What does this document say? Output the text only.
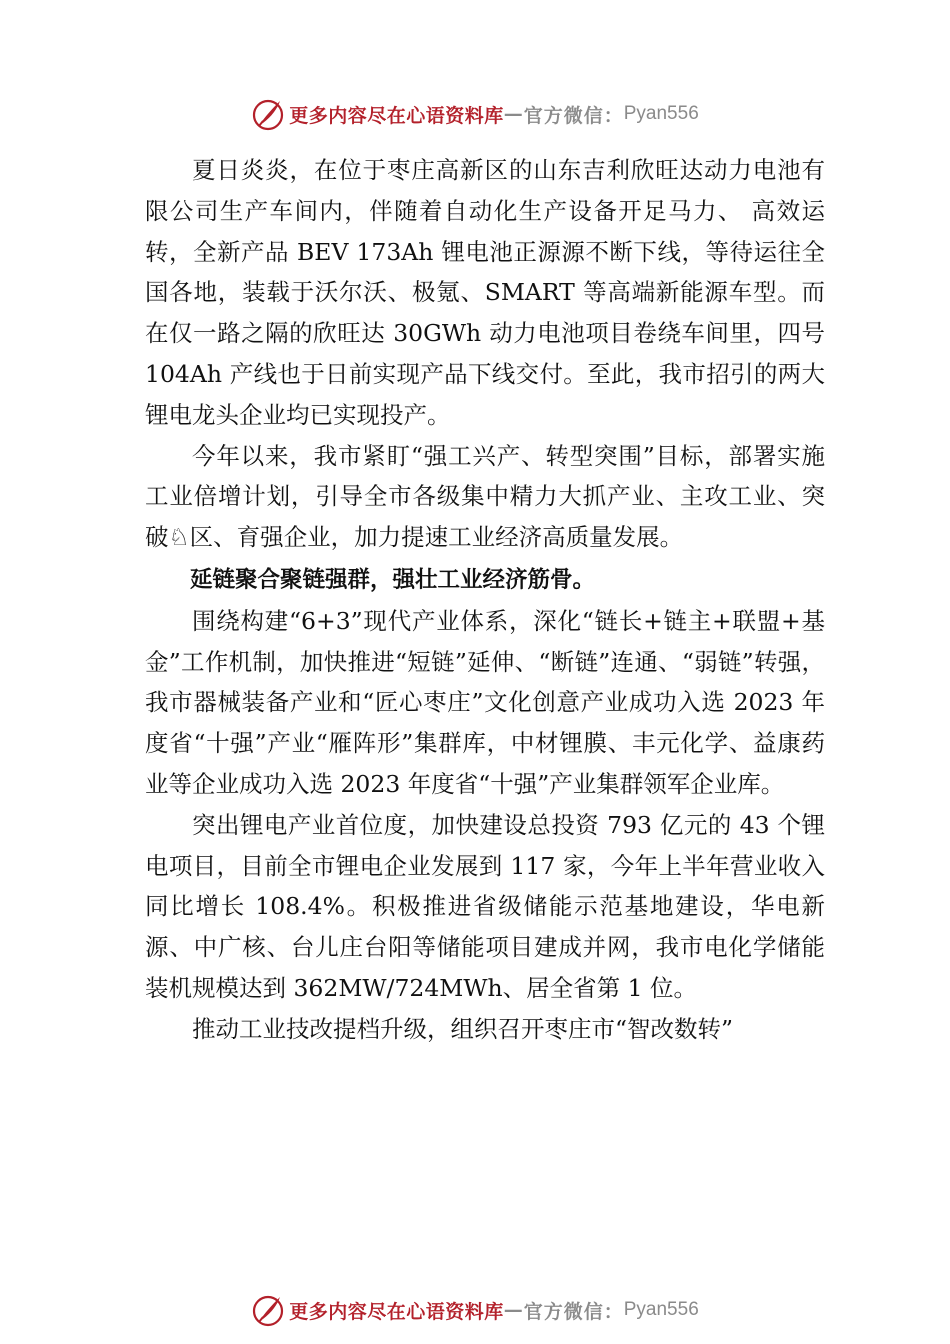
更多内容尽在心语资料库 — 官方微信： Pyan556

夏日炎炎，在位于枣庄高新区的山东吉利欣旺达动力电池有限公司生产车间内，伴随着自动化生产设备开足马力、 高效运转，全新产品 BEV 173Ah 锂电池正源源不断下线，等待运往全国各地，装载于沃尔沃、极氪、SMART 等高端新能源车型。而在仅一路之隔的欣旺达 30GWh 动力电池项目卷绕车间里，四号 104Ah 产线也于日前实现产品下线交付。至此，我市招引的两大锂电龙头企业均已实现投产。

今年以来，我市紧盯“强工兴产、转型突围”目标，部署实施工业倍增计划，引导全市各级集中精力大抓产业、主攻工业、突破♘区、育强企业，加力提速工业经济高质量发展。

延链聚合聚链强群，强壮工业经济筋骨。

围绕构建“6+3”现代产业体系，深化“链长+链主+联盟+基金”工作机制，加快推进“短链”延伸、“断链”连通、“弱链”转强，我市器械装备产业和“匠心枣庄”文化创意产业成功入选 2023 年度省“十强”产业“雁阵形”集群库，中材锂膜、丰元化学、益康药业等企业成功入选 2023 年度省“十强”产业集群领军企业库。

突出锂电产业首位度，加快建设总投资 793 亿元的 43 个锂电项目，目前全市锂电企业发展到 117 家，今年上半年营业收入同比增长 108.4%。积极推进省级储能示范基地建设，华电新源、中广核、台儿庄台阳等储能项目建成并网，我市电化学储能装机规模达到 362MW/724MWh、居全省第 1 位。

推动工业技改提档升级，组织召开枣庄市“智改数转”

更多内容尽在心语资料库 — 官方微信： Pyan556
